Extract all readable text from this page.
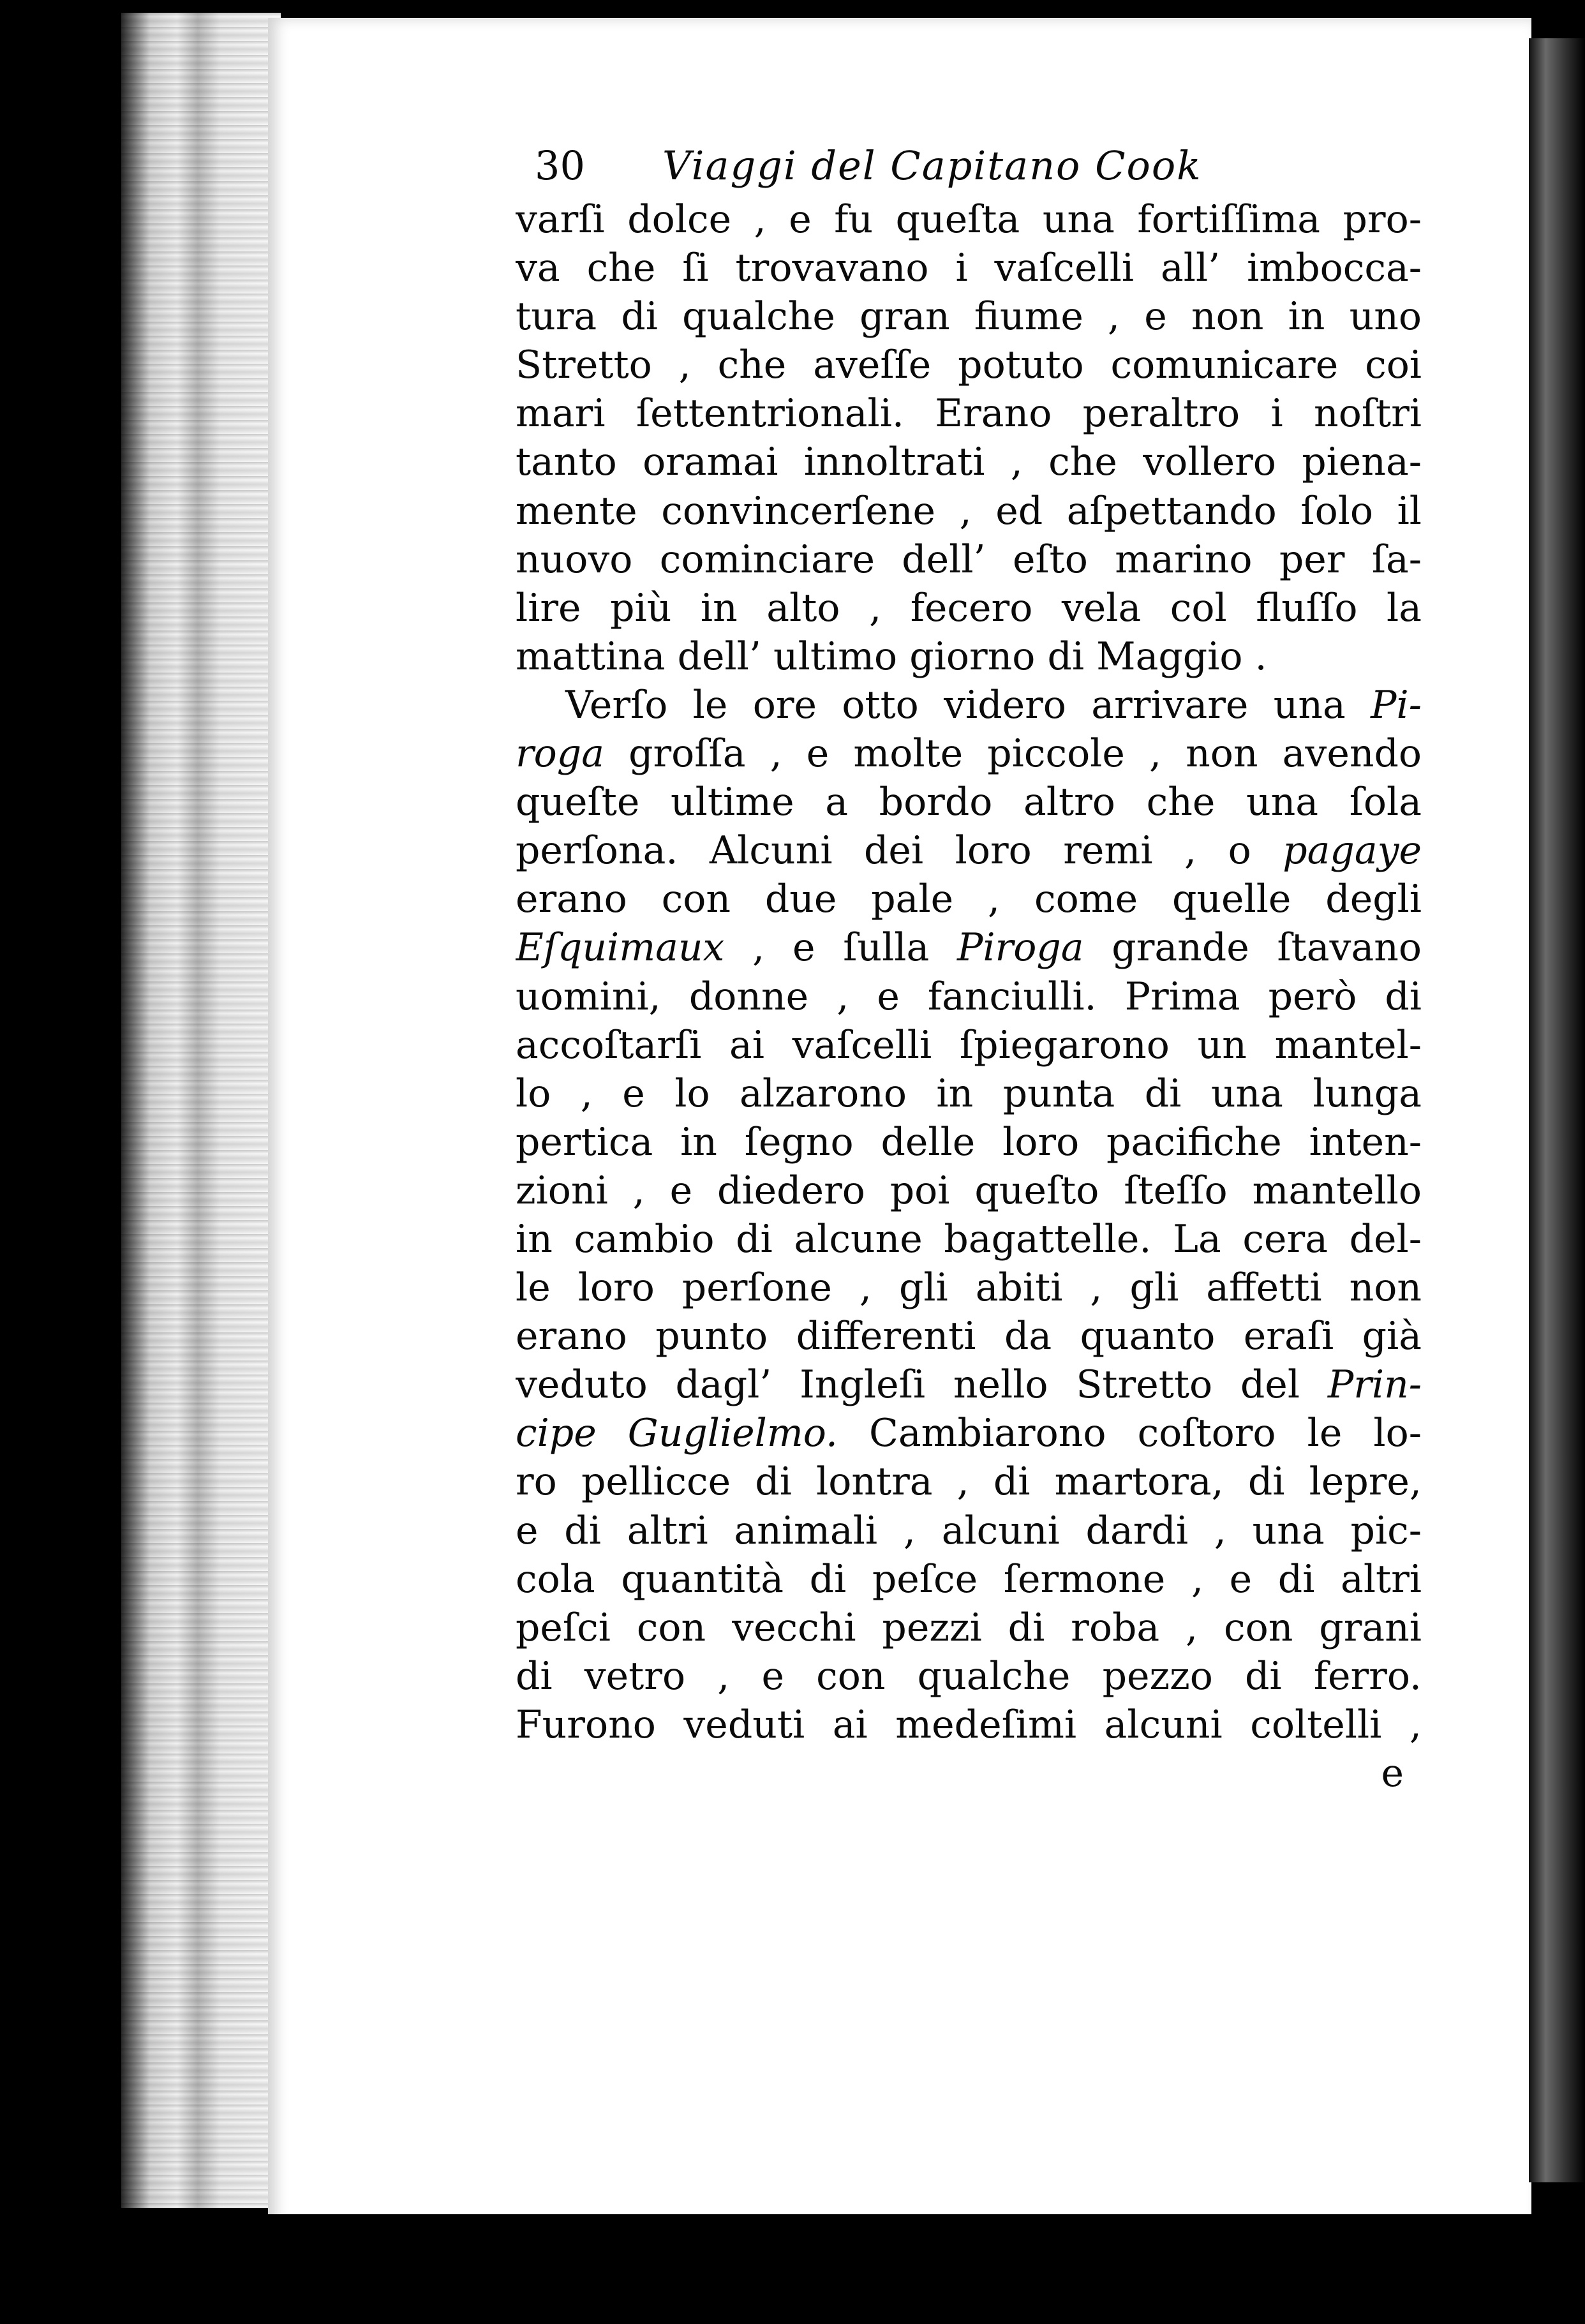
30	Viaggi del Capitano Cook
varſi dolce , e fu queſta una fortiſſima pro-
va che ſi trovavano i vaſcelli all’ imbocca-
tura di qualche gran fiume , e non in uno
Stretto , che aveſſe potuto comunicare coi
mari ſettentrionali. Erano peraltro i noſtri
tanto oramai innoltrati , che vollero piena-
mente convincerſene , ed aſpettando ſolo il
nuovo cominciare dell’ eſto marino per ſa-
lire più in alto , fecero vela col fluſſo la
mattina dell’ ultimo giorno di Maggio .
Verſo le ore otto videro arrivare una Pi-
roga groſſa , e molte piccole , non avendo
queſte ultime a bordo altro che una ſola
perſona. Alcuni dei loro remi , o pagaye
erano con due pale , come quelle degli
Eſquimaux , e ſulla Piroga grande ſtavano
uomini, donne , e fanciulli. Prima però di
accoſtarſi ai vaſcelli ſpiegarono un mantel-
lo , e lo alzarono in punta di una lunga
pertica in ſegno delle loro pacifiche inten-
zioni , e diedero poi queſto ſteſſo mantello
in cambio di alcune bagattelle. La cera del-
le loro perſone , gli abiti , gli affetti non
erano punto differenti da quanto eraſi già
veduto dagl’ Ingleſi nello Stretto del Prin-
cipe Guglielmo. Cambiarono coſtoro le lo-
ro pellicce di lontra , di martora, di lepre,
e di altri animali , alcuni dardi , una pic-
cola quantità di peſce ſermone , e di altri
peſci con vecchi pezzi di roba , con grani
di vetro , e con qualche pezzo di ferro.
Furono veduti ai medeſimi alcuni coltelli ,
e
